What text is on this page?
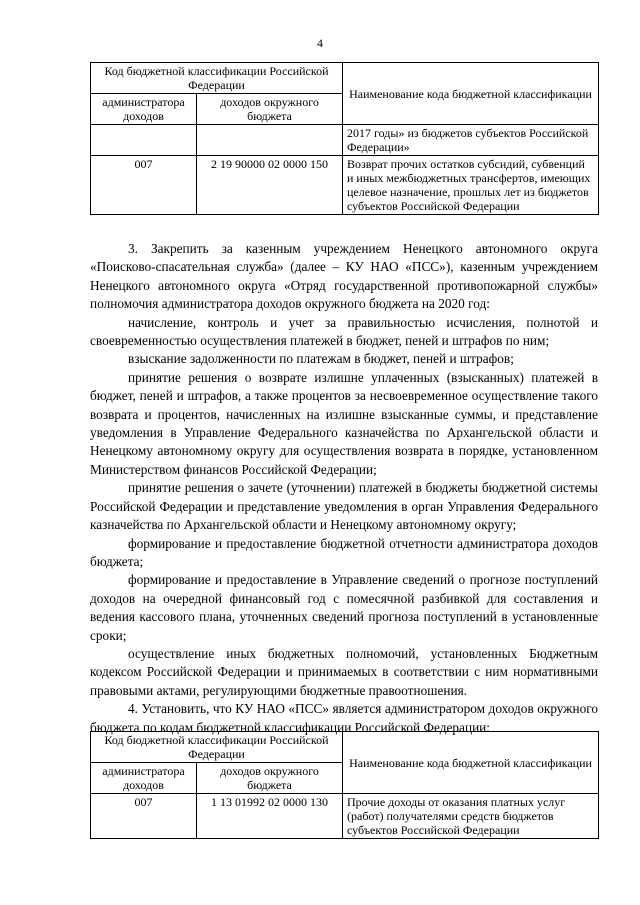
4
Код бюджетной классификации Российской Федерации		Наименование кода бюджетной классификации
администратора доходов	доходов окружного бюджета	
		2017 годы» из бюджетов субъектов Российской Федерации»
007	2 19 90000 02 0000 150	Возврат прочих остатков субсидий, субвенций и иных межбюджетных трансфертов, имеющих целевое назначение, прошлых лет из бюджетов субъектов Российской Федерации

3. Закрепить за казенным учреждением Ненецкого автономного округа «Поисково-спасательная служба» (далее – КУ НАО «ПСС»), казенным учреждением Ненецкого автономного округа «Отряд государственной противопожарной службы» полномочия администратора доходов окружного бюджета на 2020 год:

начисление, контроль и учет за правильностью исчисления, полнотой и своевременностью осуществления платежей в бюджет, пеней и штрафов по ним;

взыскание задолженности по платежам в бюджет, пеней и штрафов;

принятие решения о возврате излишне уплаченных (взысканных) платежей в бюджет, пеней и штрафов, а также процентов за несвоевременное осуществление такого возврата и процентов, начисленных на излишне взысканные суммы, и представление уведомления в Управление Федерального казначейства по Архангельской области и Ненецкому автономному округу для осуществления возврата в порядке, установленном Министерством финансов Российской Федерации;

принятие решения о зачете (уточнении) платежей в бюджеты бюджетной системы Российской Федерации и представление уведомления в орган Управления Федерального казначейства по Архангельской области и Ненецкому автономному округу;

формирование и предоставление бюджетной отчетности администратора доходов бюджета;

формирование и предоставление в Управление сведений о прогнозе поступлений доходов на очередной финансовый год с помесячной разбивкой для составления и ведения кассового плана, уточненных сведений прогноза поступлений в установленные сроки;

осуществление иных бюджетных полномочий, установленных Бюджетным кодексом Российской Федерации и принимаемых в соответствии с ним нормативными правовыми актами, регулирующими бюджетные правоотношения.

4. Установить, что КУ НАО «ПСС» является администратором доходов окружного бюджета по кодам бюджетной классификации Российской Федерации:

Код бюджетной классификации Российской Федерации		Наименование кода бюджетной классификации
администратора доходов	доходов окружного бюджета	
007	1 13 01992 02 0000 130	Прочие доходы от оказания платных услуг (работ) получателями средств бюджетов субъектов Российской Федерации
